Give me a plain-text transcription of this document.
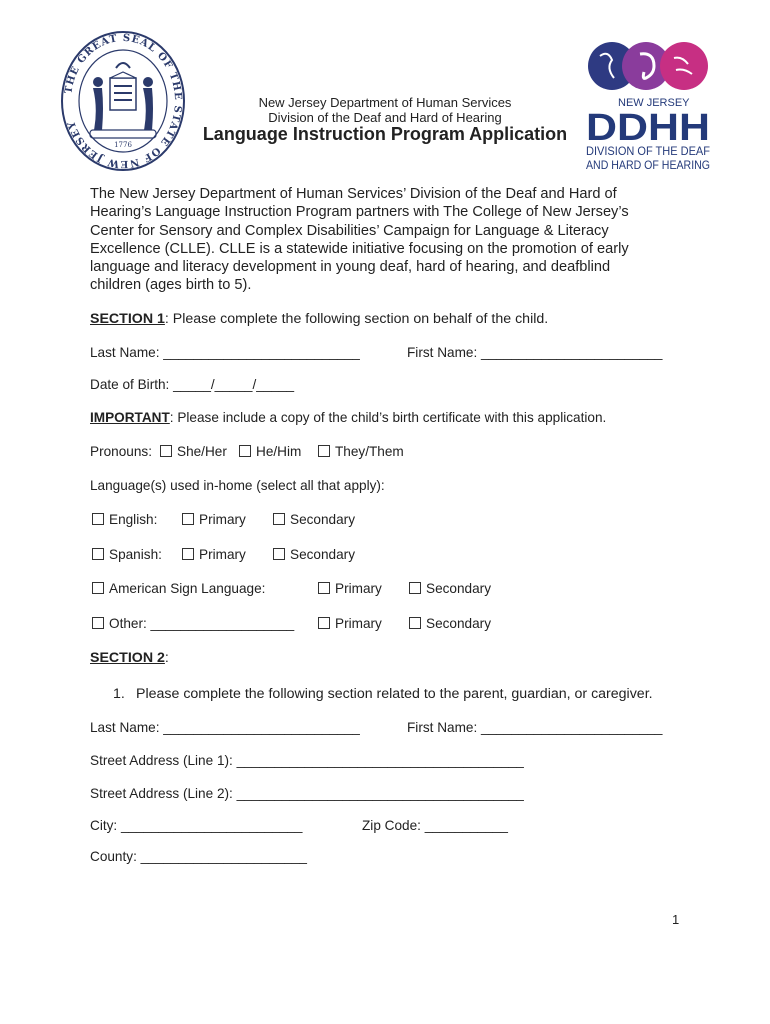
THE GREAT SEAL OF THE STATE OF NEW JERSEY
1776
New Jersey Department of Human Services
Division of the Deaf and Hard of Hearing
Language Instruction Program Application
NEW JERSEY
DDHH
DIVISION OF THE DEAF
AND HARD OF HEARING
The New Jersey Department of Human Services’ Division of the Deaf and Hard of
Hearing’s Language Instruction Program partners with The College of New Jersey’s
Center for Sensory and Complex Disabilities’ Campaign for Language & Literacy
Excellence (CLLE). CLLE is a statewide initiative focusing on the promotion of early
language and literacy development in young deaf, hard of hearing, and deafblind
children (ages birth to 5).
SECTION 1: Please complete the following section on behalf of the child.
Last Name: __________________________	First Name: ________________________
Date of Birth: _____/_____/_____
IMPORTANT: Please include a copy of the child’s birth certificate with this application.
Pronouns:	She/Her	He/Him	They/Them
Language(s) used in-home (select all that apply):
English:	Primary	Secondary
Spanish:	Primary	Secondary
American Sign Language:	Primary	Secondary
Other: ___________________	Primary	Secondary
SECTION 2:
1. Please complete the following section related to the parent, guardian, or caregiver.
Last Name: __________________________	First Name: ________________________
Street Address (Line 1): ______________________________________
Street Address (Line 2): ______________________________________
City: ________________________	Zip Code: ___________
County: ______________________
1
